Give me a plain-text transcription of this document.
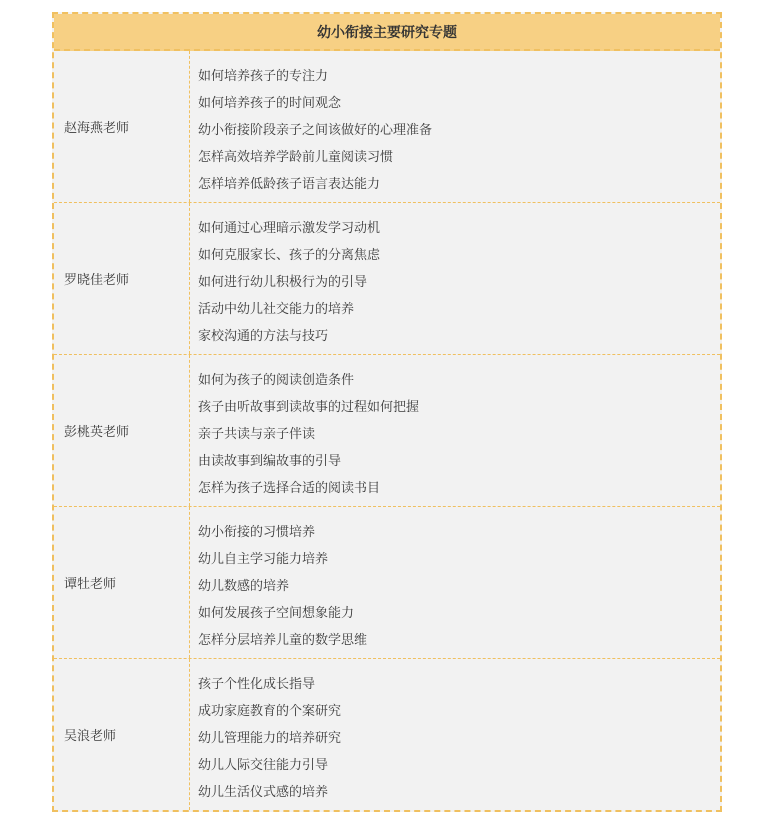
幼小衔接主要研究专题
赵海燕老师
如何培养孩子的专注力
如何培养孩子的时间观念
幼小衔接阶段亲子之间该做好的心理准备
怎样高效培养学龄前儿童阅读习惯
怎样培养低龄孩子语言表达能力
罗晓佳老师
如何通过心理暗示激发学习动机
如何克服家长、孩子的分离焦虑
如何进行幼儿积极行为的引导
活动中幼儿社交能力的培养
家校沟通的方法与技巧
彭桃英老师
如何为孩子的阅读创造条件
孩子由听故事到读故事的过程如何把握
亲子共读与亲子伴读
由读故事到编故事的引导
怎样为孩子选择合适的阅读书目
谭牡老师
幼小衔接的习惯培养
幼儿自主学习能力培养
幼儿数感的培养
如何发展孩子空间想象能力
怎样分层培养儿童的数学思维
吴浪老师
孩子个性化成长指导
成功家庭教育的个案研究
幼儿管理能力的培养研究
幼儿人际交往能力引导
幼儿生活仪式感的培养
